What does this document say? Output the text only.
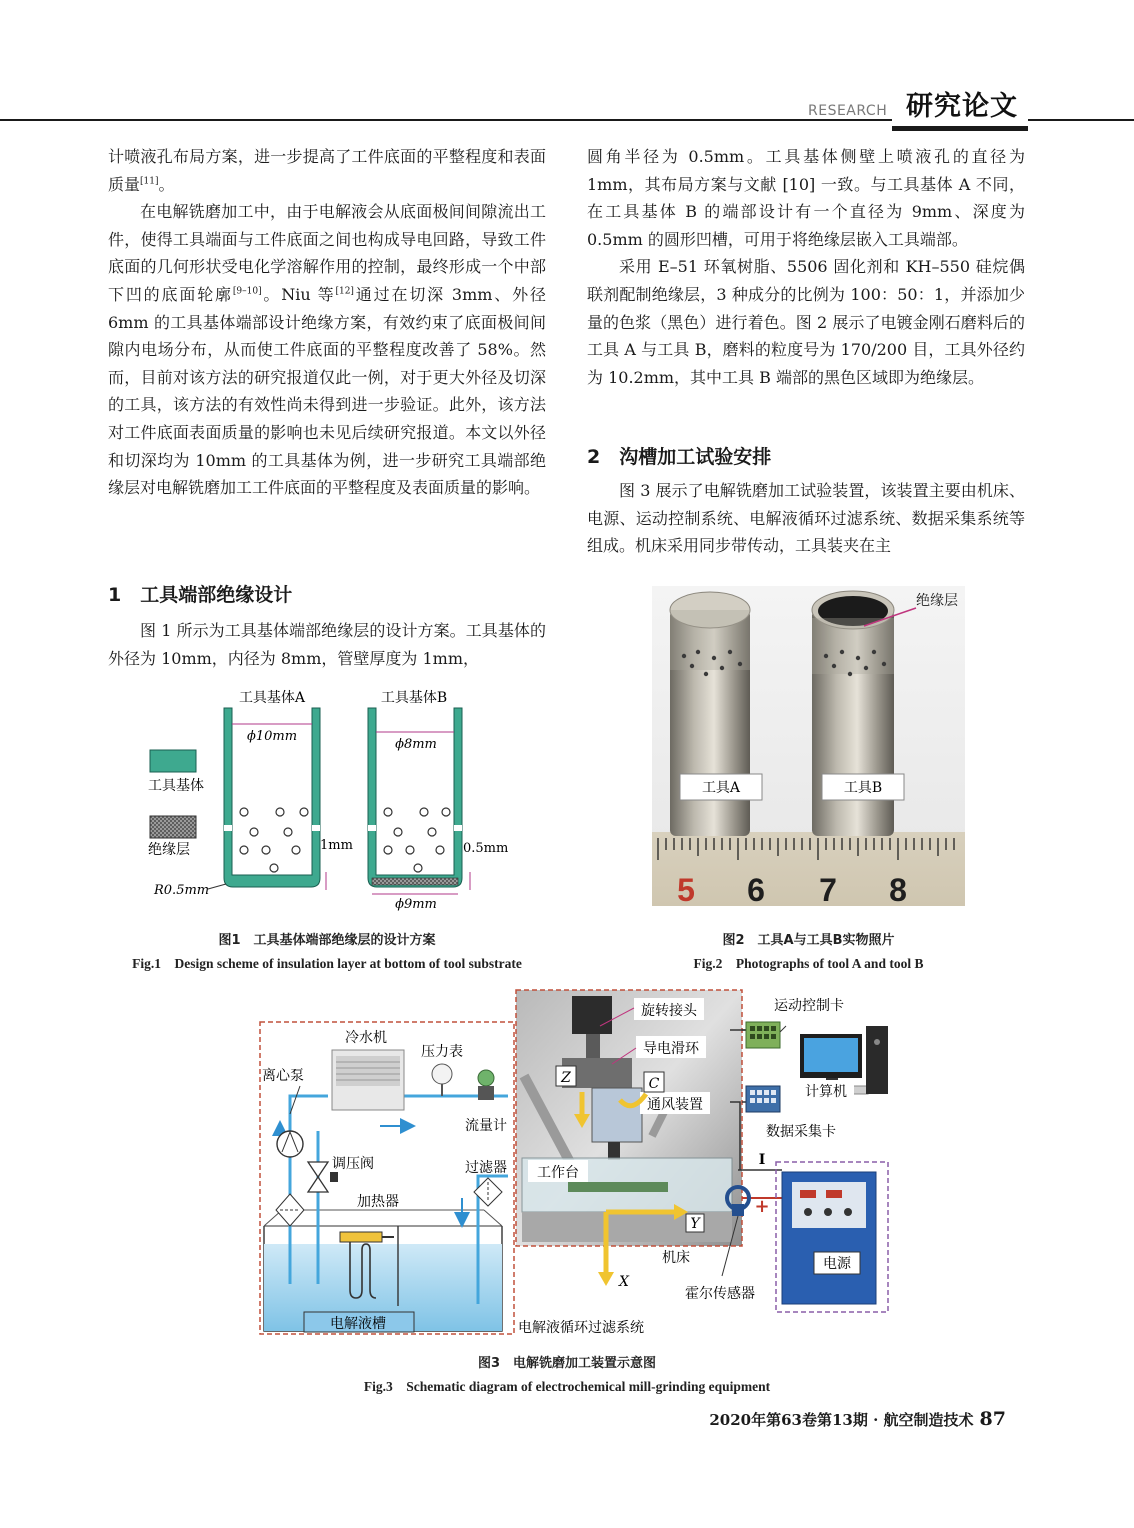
RESEARCH 研究论文

计喷液孔布局方案，进一步提高了工件底面的平整程度和表面质量[11]。

在电解铣磨加工中，由于电解液会从底面极间间隙流出工件，使得工具端面与工件底面之间也构成导电回路，导致工件底面的几何形状受电化学溶解作用的控制，最终形成一个中部下凹的底面轮廓[9–10]。Niu 等[12]通过在切深 3mm、外径 6mm 的工具基体端部设计绝缘方案，有效约束了底面极间间隙内电场分布，从而使工件底面的平整程度改善了 58%。然而，目前对该方法的研究报道仅此一例，对于更大外径及切深的工具，该方法的有效性尚未得到进一步验证。此外，该方法对工件底面表面质量的影响也未见后续研究报道。本文以外径和切深均为 10mm 的工具基体为例，进一步研究工具端部绝缘层对电解铣磨加工工件底面的平整程度及表面质量的影响。

1　工具端部绝缘设计

图 1 所示为工具基体端部绝缘层的设计方案。工具基体的外径为 10mm，内径为 8mm，管壁厚度为 1mm，

圆角半径为 0.5mm。工具基体侧壁上喷液孔的直径为 1mm，其布局方案与文献 [10] 一致。与工具基体 A 不同，在工具基体 B 的端部设计有一个直径为 9mm、深度为 0.5mm 的圆形凹槽，可用于将绝缘层嵌入工具端部。

采用 E–51 环氧树脂、5506 固化剂和 KH–550 硅烷偶联剂配制绝缘层，3 种成分的比例为 100：50：1，并添加少量的色浆（黑色）进行着色。图 2 展示了电镀金刚石磨料后的工具 A 与工具 B，磨料的粒度号为 170/200 目，工具外径约为 10.2mm，其中工具 B 端部的黑色区域即为绝缘层。

2　沟槽加工试验安排

图 3 展示了电解铣磨加工试验装置，该装置主要由机床、电源、运动控制系统、电解液循环过滤系统、数据采集系统等组成。机床采用同步带传动，工具装夹在主

工具基体A	工具基体B
工具基体
绝缘层
ϕ10mm
1mm
R0.5mm
ϕ8mm
0.5mm
ϕ9mm
图1　工具基体端部绝缘层的设计方案
Fig.1　Design scheme of insulation layer at bottom of tool substrate
5 6 7 8
工具A	工具B
绝缘层
图2　工具A与工具B实物照片
Fig.2　Photographs of tool A and tool B
电解液槽
加热器
冷水机
离心泵
调压阀
压力表
流量计
过滤器
旋转接头
导电滑环
通风装置
Z	C
工作台
Y
X
机床
电解液循环过滤系统
I
+
霍尔传感器
运动控制卡
数据采集卡
计算机
电源
图3　电解铣磨加工装置示意图
Fig.3　Schematic diagram of electrochemical mill-grinding equipment
2020年第63卷第13期 · 航空制造技术 87
